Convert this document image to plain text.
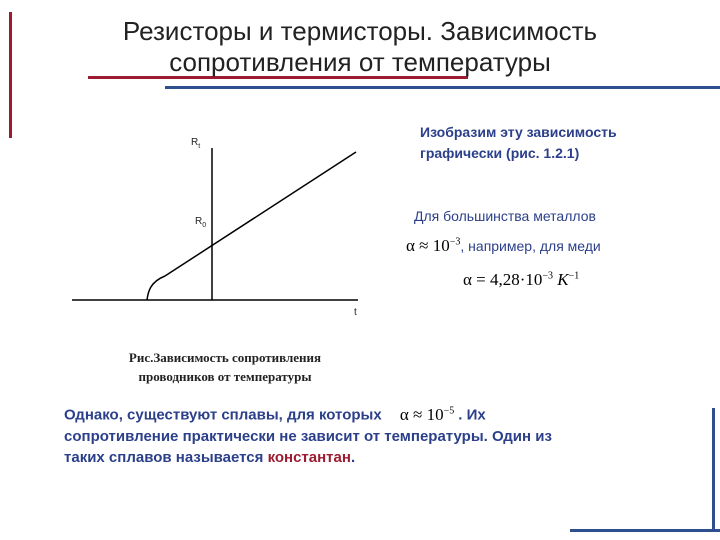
Резисторы и термисторы. Зависимость
сопротивления от температуры
$R_t$
$R_0$
t
Рис.Зависимость сопротивления
проводников от температуры
Изобразим эту зависимость
графически (рис. 1.2.1)
Для большинства металлов
$\alpha \approx 10^{-3}$, например, для меди
$\alpha = 4,28\cdot 10^{-3}$ $K^{-1}$
Однако, существуют сплавы, для которых $\alpha \approx 10^{-5}$ . Их
сопротивление практически не зависит от температуры. Один из
таких сплавов называется константан.
